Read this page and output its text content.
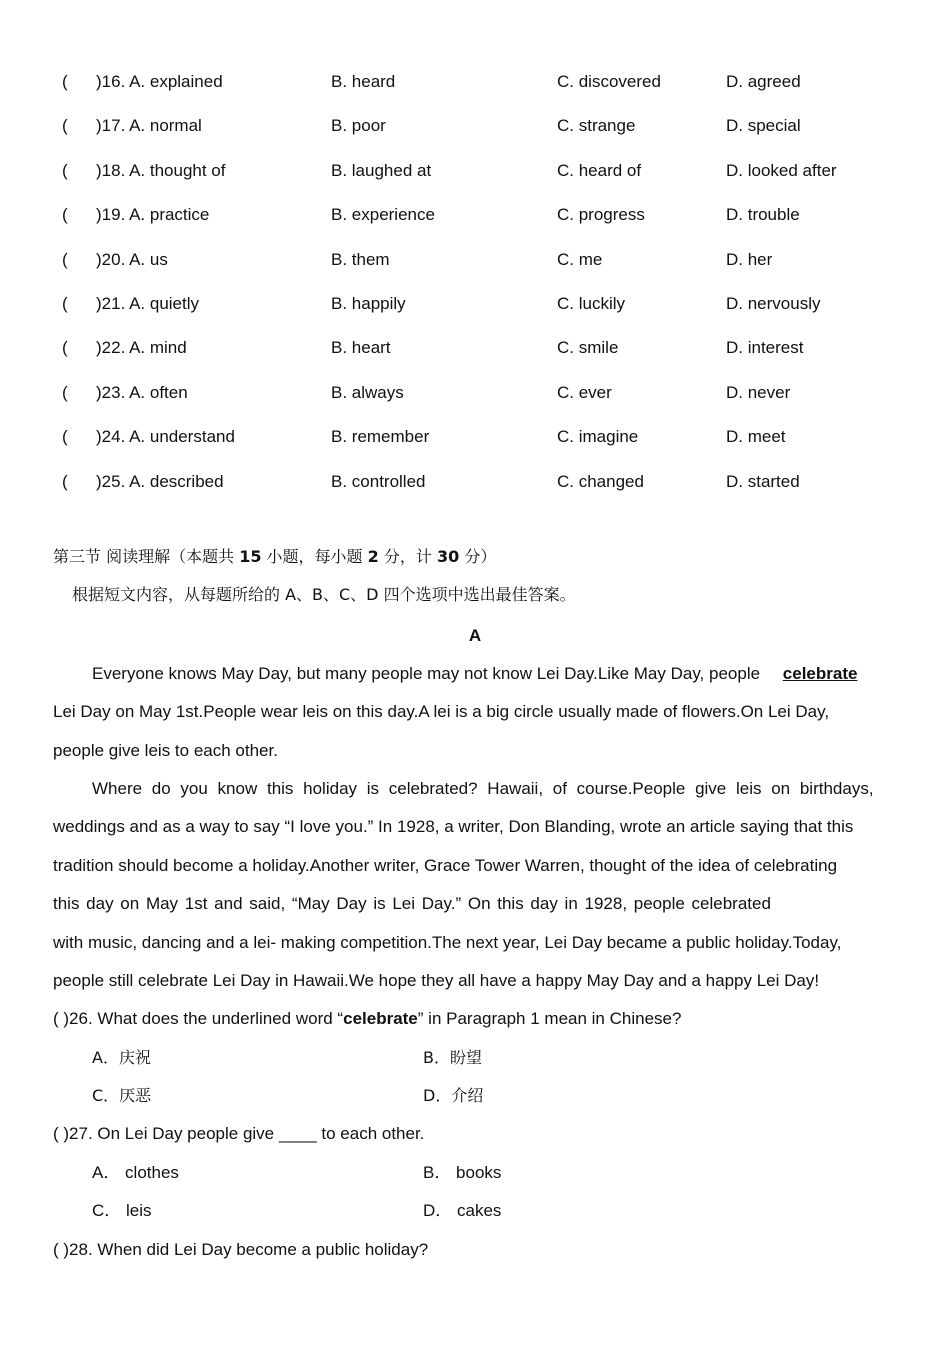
( )16. A. explained	B. heard	C. discovered	D. agreed
( )17. A. normal	B. poor	C. strange	D. special
( )18. A. thought of	B. laughed at	C. heard of	D. looked after
( )19. A. practice	B. experience	C. progress	D. trouble
( )20. A. us	B. them	C. me	D. her
( )21. A. quietly	B. happily	C. luckily	D. nervously
( )22. A. mind	B. heart	C. smile	D. interest
( )23. A. often	B. always	C. ever	D. never
( )24. A. understand	B. remember	C. imagine	D. meet
( )25. A. described	B. controlled	C. changed	D. started
第三节 阅读理解（本题共 15 小题，每小题 2 分，计 30 分）
根据短文内容，从每题所给的 A、B、C、D 四个选项中选出最佳答案。
A
Everyone knows May Day, but many people may not know Lei Day.Like May Day, people celebrate
Lei Day on May 1st.People wear leis on this day.A lei is a big circle usually made of flowers.On Lei Day,
people give leis to each other.
Where do you know this holiday is celebrated? Hawaii, of course.People give leis on birthdays,
weddings and as a way to say “I love you.” In 1928, a writer, Don Blanding, wrote an article saying that this
tradition should become a holiday.Another writer, Grace Tower Warren, thought of the idea of celebrating
this day on May 1st and said, “May Day is Lei Day.” On this day in 1928, people celebrated
with music, dancing and a lei- making competition.The next year, Lei Day became a public holiday.Today,
people still celebrate Lei Day in Hawaii.We hope they all have a happy May Day and a happy Lei Day!
( )26. What does the underlined word “celebrate” in Paragraph 1 mean in Chinese?
A．庆祝	B．盼望
C．厌恶	D．介绍
( )27. On Lei Day people give ____ to each other.
A． clothes	B． books
C． leis	D． cakes
( )28. When did Lei Day become a public holiday?
